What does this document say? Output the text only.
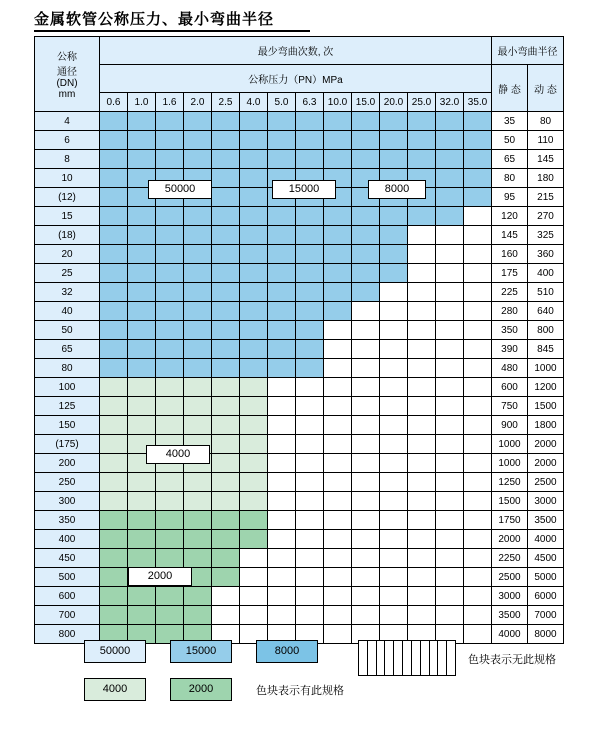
金属软管公称压力、最小弯曲半径
公称
通径
(DN)
mm	最少弯曲次数, 次														最小弯曲半径	
	公称压力（PN）MPa														静 态	动 态
	0.6	1.0	1.6	2.0	2.5	4.0	5.0	6.3	10.0	15.0	20.0	25.0	32.0	35.0		
4															35	80
6															50	110
8															65	145
10															80	180
(12)															95	215
15															120	270
(18)															145	325
20															160	360
25															175	400
32															225	510
40															280	640
50															350	800
65															390	845
80															480	1000
100															600	1200
125															750	1500
150															900	1800
(175)															1000	2000
200															1000	2000
250															1250	2500
300															1500	3000
350															1750	3500
400															2000	4000
450															2250	4500
500															2500	5000
600															3000	6000
700															3500	7000
800															4000	8000
50000	15000	8000
4000
2000
50000	15000	8000
4000	2000	色块表示有此规格
色块表示无此规格
